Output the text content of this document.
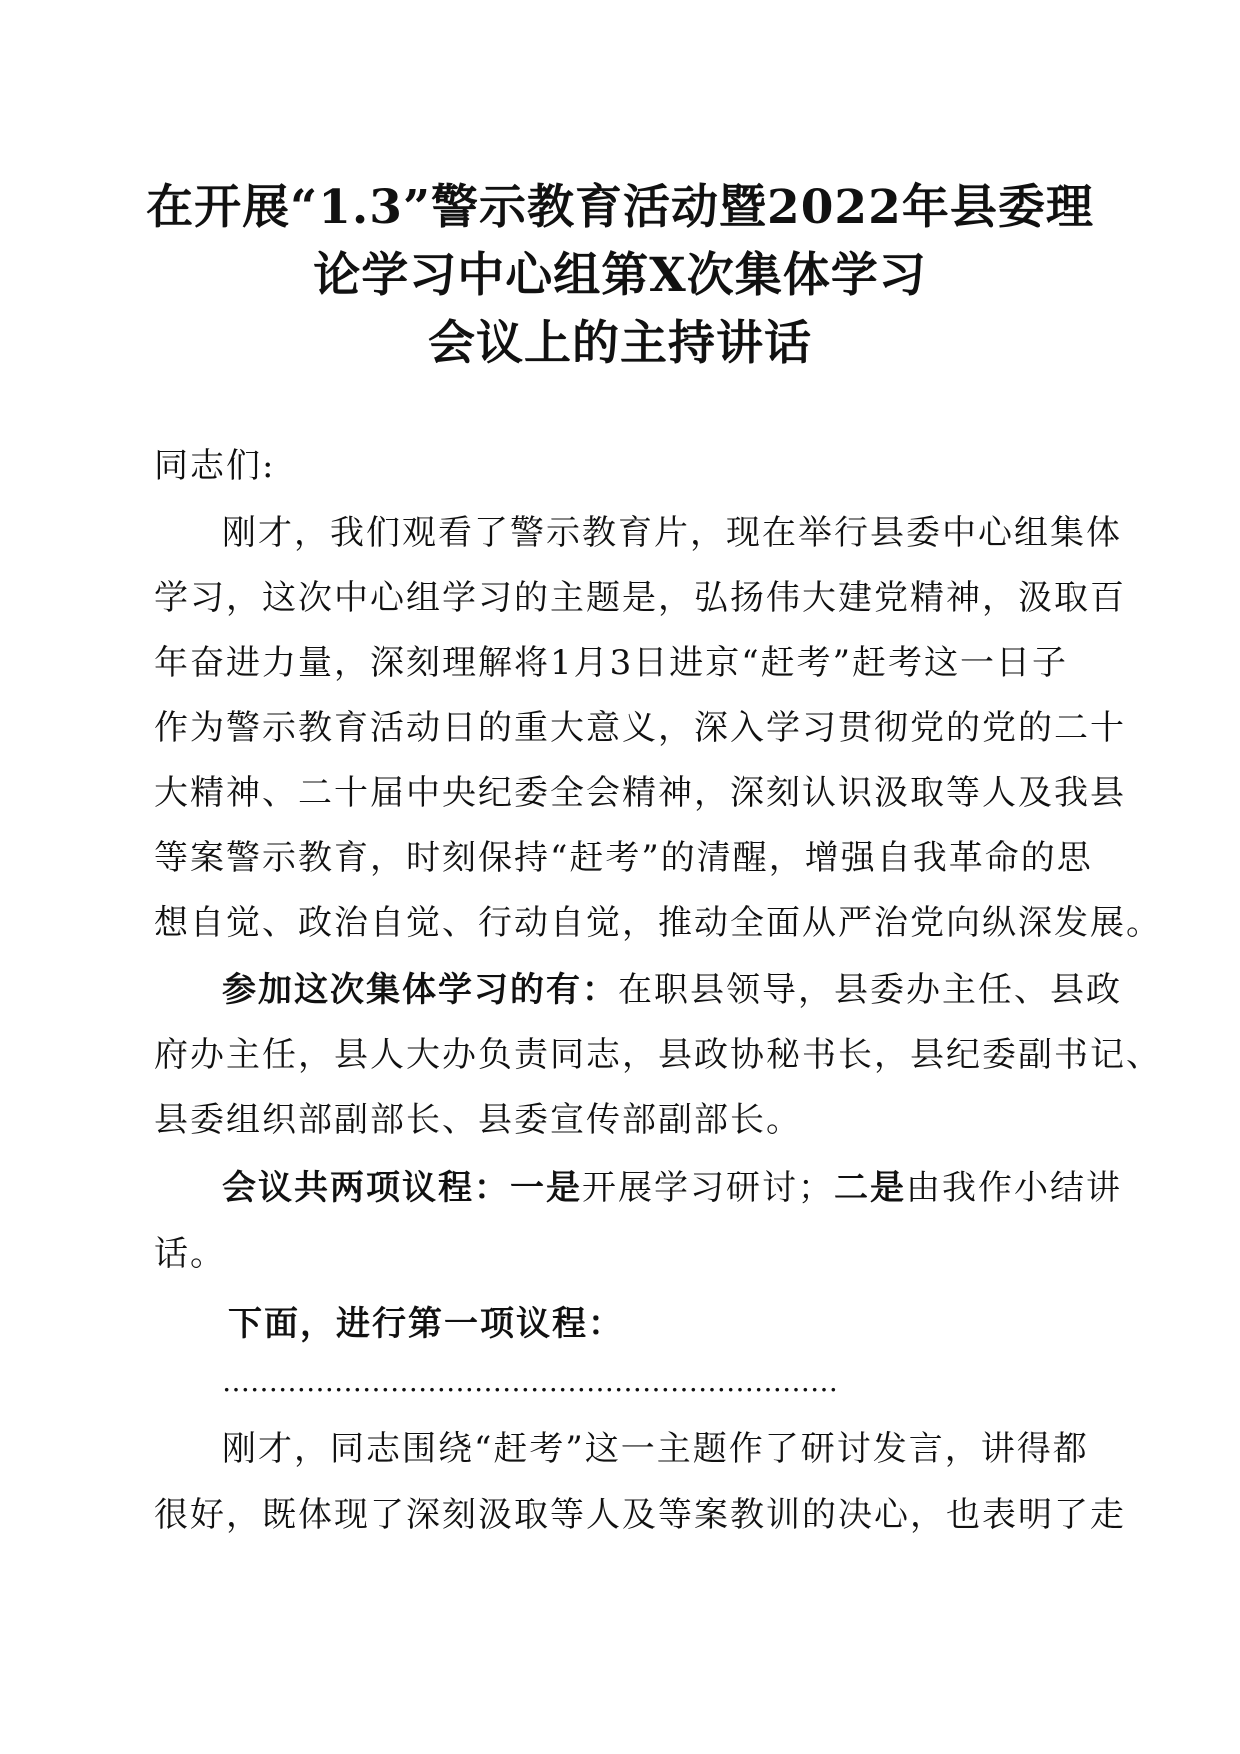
在开展“1.3”警示教育活动暨2022年县委理
论学习中心组第X次集体学习
会议上的主持讲话
同志们:
刚才，我们观看了警示教育片，现在举行县委中心组集体
学习，这次中心组学习的主题是，弘扬伟大建党精神，汲取百
年奋进力量，深刻理解将1月3日进京“赶考”赶考这一日子
作为警示教育活动日的重大意义，深入学习贯彻党的党的二十
大精神、二十届中央纪委全会精神，深刻认识汲取等人及我县
等案警示教育，时刻保持“赶考”的清醒，增强自我革命的思
想自觉、政治自觉、行动自觉，推动全面从严治党向纵深发展。
参加这次集体学习的有：在职县领导，县委办主任、县政
府办主任，县人大办负责同志，县政协秘书长，县纪委副书记、
县委组织部副部长、县委宣传部副部长。
会议共两项议程：一是开展学习研讨；二是由我作小结讲
话。
下面，进行第一项议程：
…………………………………………………………
刚才，同志围绕“赶考”这一主题作了研讨发言，讲得都
很好，既体现了深刻汲取等人及等案教训的决心，也表明了走
